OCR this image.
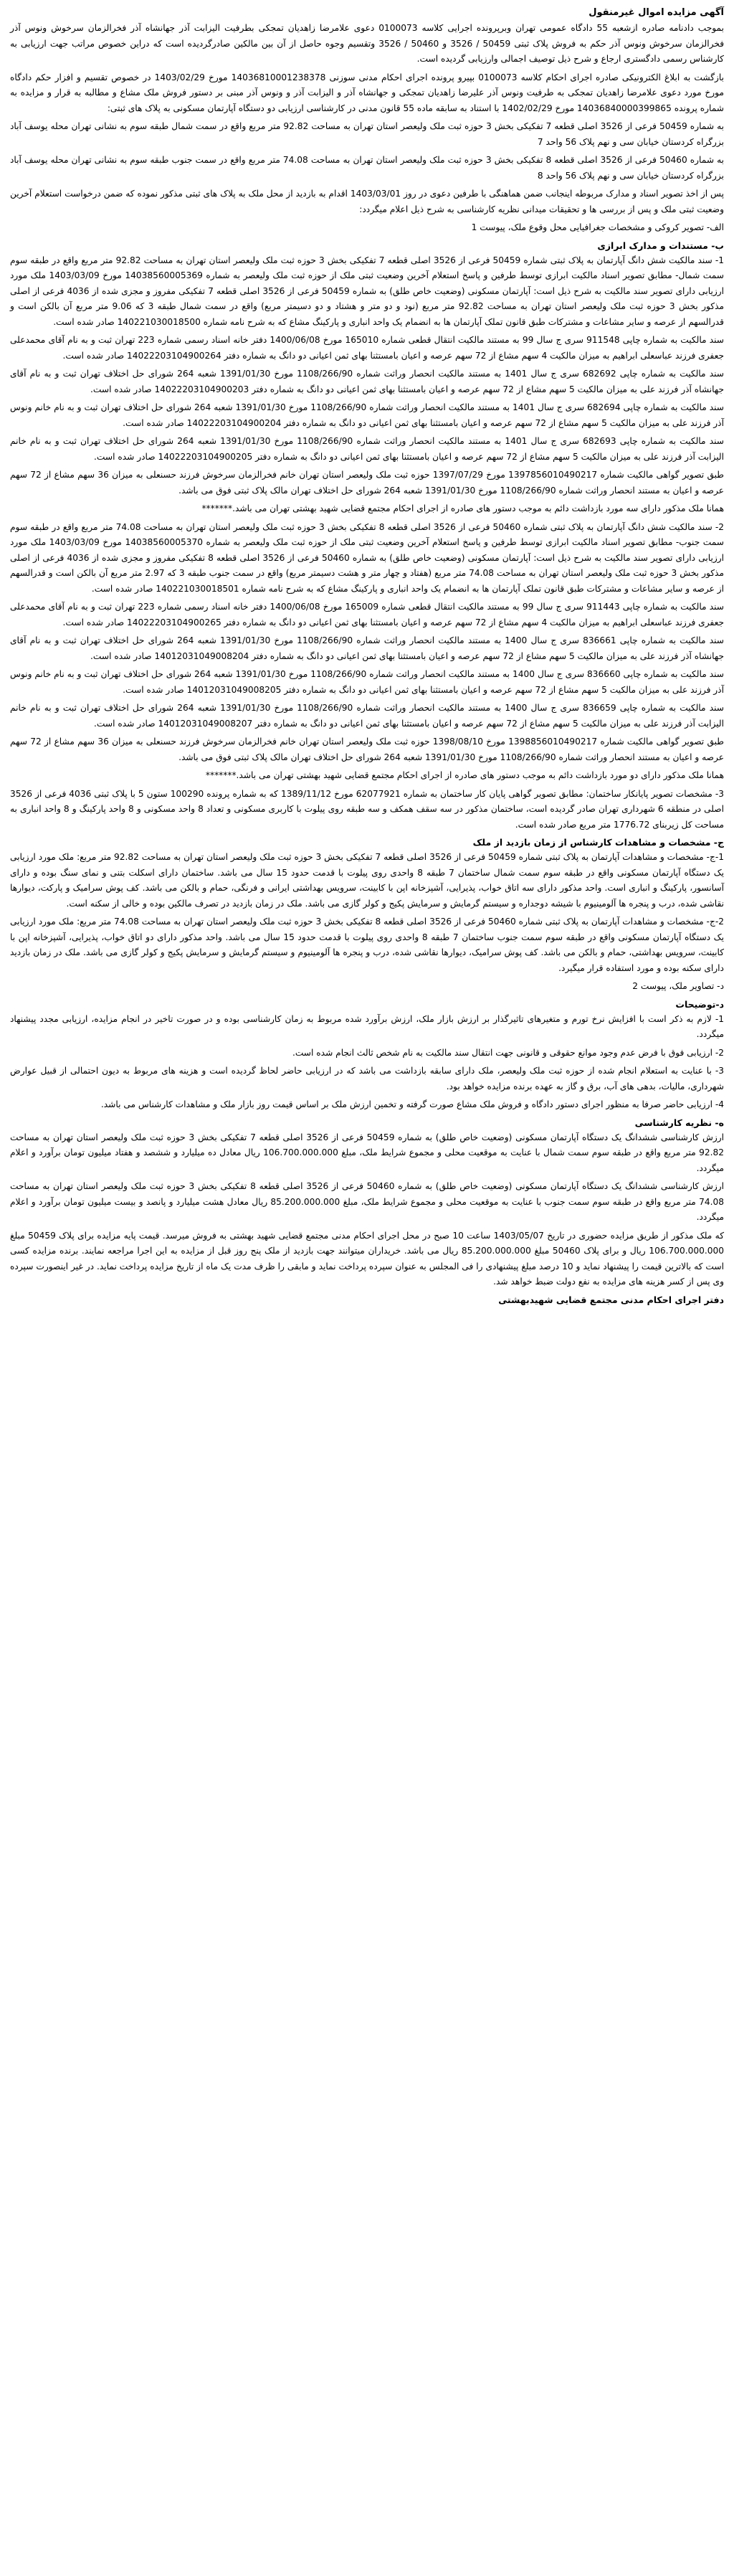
آگهی مزایده اموال غیرمنقول

بموجب دادنامه صادره ازشعبه 55 دادگاه عمومی تهران وبرپرونده اجرایی کلاسه 0100073 دعوی علامرضا زاهدیان تمجکی بطرفیت الیزابت آذر جهانشاه آذر فخرالزمان سرخوش ونوس آذر فخرالزمان سرخوش ونوس آذر حکم به فروش پلاک ثبتی 50459 / 3526 و 50460 / 3526 وتقسیم وجوه حاصل از آن بین مالکین صادرگردیده است که دراین خصوص مراتب جهت ارزیابی به کارشناس رسمی دادگستری ارجاع و شرح ذیل توصیف اجمالی وارزیابی گردیده است.

بازگشت به ابلاغ الکترونیکی صادره اجرای احکام کلاسه 0100073 بپیرو پرونده اجرای احکام مدنی سوزنی 14036810001238378 مورخ 1403/02/29 در خصوص تقسیم و افزار حکم دادگاه مورخ مورد دعوی علامرضا زاهدیان تمجکی به طرفیت ونوس آذر علیرضا زاهدیان تمجکی و جهانشاه آذر و الیزابت آذر و ونوس آذر مبنی بر دستور فروش ملک مشاع و مطالبه به قرار و مزایده به شماره پرونده 14036840000399865 مورخ 1402/02/29 با استناد به سابقه ماده 55 قانون مدنی در کارشناسی ارزیابی دو دستگاه آپارتمان مسکونی به پلاک های ثبتی:

به شماره 50459 فرعی از 3526 اصلی قطعه 7 تفکیکی بخش 3 حوزه ثبت ملک ولیعصر استان تهران به مساحت 92.82 متر مربع واقع در سمت شمال طبقه سوم به نشانی تهران محله یوسف آباد بزرگراه کردستان خیابان سی و نهم پلاک 56 واحد 7

به شماره 50460 فرعی از 3526 اصلی قطعه 8 تفکیکی بخش 3 حوزه ثبت ملک ولیعصر استان تهران به مساحت 74.08 متر مربع واقع در سمت جنوب طبقه سوم به نشانی تهران محله یوسف آباد بزرگراه کردستان خیابان سی و نهم پلاک 56 واحد 8

پس از اخذ تصویر اسناد و مدارک مربوطه اینجانب ضمن هماهنگی با طرفین دعوی در روز 1403/03/01 اقدام به بازدید از محل ملک به پلاک های ثبتی مذکور نموده که ضمن درخواست استعلام آخرین وضعیت ثبتی ملک و پس از بررسی ها و تحقیقات میدانی نظریه کارشناسی به شرح ذیل اعلام میگردد:

الف- تصویر کروکی و مشخصات جغرافیایی محل وقوع ملک، پیوست 1

ب- مستندات و مدارک ابرازی

1- سند مالکیت شش دانگ آپارتمان به پلاک ثبتی شماره 50459 فرعی از 3526 اصلی قطعه 7 تفکیکی بخش 3 حوزه ثبت ملک ولیعصر استان تهران به مساحت 92.82 متر مربع واقع در طبقه سوم سمت شمال- مطابق تصویر اسناد مالکیت ابرازی توسط طرفین و پاسخ استعلام آخرین وضعیت ثبتی ملک از حوزه ثبت ملک ولیعصر به شماره 14038560005369 مورخ 1403/03/09 ملک مورد ارزیابی دارای تصویر سند مالکیت به شرح ذیل است: آپارتمان مسکونی (وضعیت خاص طلق) به شماره 50459 فرعی از 3526 اصلی قطعه 7 تفکیکی مفروز و مجزی شده از 4036 فرعی از اصلی مذکور بخش 3 حوزه ثبت ملک ولیعصر استان تهران به مساحت 92.82 متر مربع (نود و دو متر و هشتاد و دو دسیمتر مربع) واقع در سمت شمال طبقه 3 که 9.06 متر مربع آن بالکن است و قدرالسهم از عرصه و سایر مشاعات و مشترکات طبق قانون تملک آپارتمان ها به انضمام یک واحد انباری و پارکینگ مشاع که به شرح نامه شماره 140221030018500 صادر شده است.

سند مالکیت به شماره چاپی 911548 سری ج سال 99 به مستند مالکیت انتقال قطعی شماره 165010 مورخ 1400/06/08 دفتر خانه اسناد رسمی شماره 223 تهران ثبت و به نام آقای محمدعلی جعفری فرزند عباسعلی ابراهیم به میزان مالکیت 4 سهم مشاع از 72 سهم عرصه و اعیان بامستثنا بهای ثمن اعیانی دو دانگ به شماره دفتر 14022203104900264 صادر شده است.

سند مالکیت به شماره چاپی 682692 سری ج سال 1401 به مستند مالکیت انحصار وراثت شماره 1108/266/90 مورخ 1391/01/30 شعبه 264 شورای حل اختلاف تهران ثبت و به نام آقای جهانشاه آذر فرزند علی به میزان مالکیت 5 سهم مشاع از 72 سهم عرصه و اعیان بامستثنا بهای ثمن اعیانی دو دانگ به شماره دفتر 14022203104900203 صادر شده است.

سند مالکیت به شماره چاپی 682694 سری ج سال 1401 به مستند مالکیت انحصار وراثت شماره 1108/266/90 مورخ 1391/01/30 شعبه 264 شورای حل اختلاف تهران ثبت و به نام خانم ونوس آذر فرزند علی به میزان مالکیت 5 سهم مشاع از 72 سهم عرصه و اعیان بامستثنا بهای ثمن اعیانی دو دانگ به شماره دفتر 14022203104900204 صادر شده است.

سند مالکیت به شماره چاپی 682693 سری ج سال 1401 به مستند مالکیت انحصار وراثت شماره 1108/266/90 مورخ 1391/01/30 شعبه 264 شورای حل اختلاف تهران ثبت و به نام خانم الیزابت آذر فرزند علی به میزان مالکیت 5 سهم مشاع از 72 سهم عرصه و اعیان بامستثنا بهای ثمن اعیانی دو دانگ به شماره دفتر 14022203104900205 صادر شده است.

طبق تصویر گواهی مالکیت شماره 1397856010490217 مورخ 1397/07/29 حوزه ثبت ملک ولیعصر استان تهران خانم فخرالزمان سرخوش فرزند حسنعلی به میزان 36 سهم مشاع از 72 سهم عرصه و اعیان به مستند انحصار وراثت شماره 1108/266/90 مورخ 1391/01/30 شعبه 264 شورای حل اختلاف تهران مالک پلاک ثبتی فوق می باشد.

همانا ملک مذکور دارای سه مورد بازداشت دائم به موجب دستور های صادره از اجرای احکام مجتمع قضایی شهید بهشتی تهران می باشد.*******

2- سند مالکیت شش دانگ آپارتمان به پلاک ثبتی شماره 50460 فرعی از 3526 اصلی قطعه 8 تفکیکی بخش 3 حوزه ثبت ملک ولیعصر استان تهران به مساحت 74.08 متر مربع واقع در طبقه سوم سمت جنوب- مطابق تصویر اسناد مالکیت ابرازی توسط طرفین و پاسخ استعلام آخرین وضعیت ثبتی ملک از حوزه ثبت ملک ولیعصر به شماره 14038560005370 مورخ 1403/03/09 ملک مورد ارزیابی دارای تصویر سند مالکیت به شرح ذیل است: آپارتمان مسکونی (وضعیت خاص طلق) به شماره 50460 فرعی از 3526 اصلی قطعه 8 تفکیکی مفروز و مجزی شده از 4036 فرعی از اصلی مذکور بخش 3 حوزه ثبت ملک ولیعصر استان تهران به مساحت 74.08 متر مربع (هفتاد و چهار متر و هشت دسیمتر مربع) واقع در سمت جنوب طبقه 3 که 2.97 متر مربع آن بالکن است و قدرالسهم از عرصه و سایر مشاعات و مشترکات طبق قانون تملک آپارتمان ها به انضمام یک واحد انباری و پارکینگ مشاع که به شرح نامه شماره 140221030018501 صادر شده است.

سند مالکیت به شماره چاپی 911443 سری ج سال 99 به مستند مالکیت انتقال قطعی شماره 165009 مورخ 1400/06/08 دفتر خانه اسناد رسمی شماره 223 تهران ثبت و به نام آقای محمدعلی جعفری فرزند عباسعلی ابراهیم به میزان مالکیت 4 سهم مشاع از 72 سهم عرصه و اعیان بامستثنا بهای ثمن اعیانی دو دانگ به شماره دفتر 14022203104900265 صادر شده است.

سند مالکیت به شماره چاپی 836661 سری ج سال 1400 به مستند مالکیت انحصار وراثت شماره 1108/266/90 مورخ 1391/01/30 شعبه 264 شورای حل اختلاف تهران ثبت و به نام آقای جهانشاه آذر فرزند علی به میزان مالکیت 5 سهم مشاع از 72 سهم عرصه و اعیان بامستثنا بهای ثمن اعیانی دو دانگ به شماره دفتر 14012031049008204 صادر شده است.

سند مالکیت به شماره چاپی 836660 سری ج سال 1400 به مستند مالکیت انحصار وراثت شماره 1108/266/90 مورخ 1391/01/30 شعبه 264 شورای حل اختلاف تهران ثبت و به نام خانم ونوس آذر فرزند علی به میزان مالکیت 5 سهم مشاع از 72 سهم عرصه و اعیان بامستثنا بهای ثمن اعیانی دو دانگ به شماره دفتر 14012031049008205 صادر شده است.

سند مالکیت به شماره چاپی 836659 سری ج سال 1400 به مستند مالکیت انحصار وراثت شماره 1108/266/90 مورخ 1391/01/30 شعبه 264 شورای حل اختلاف تهران ثبت و به نام خانم الیزابت آذر فرزند علی به میزان مالکیت 5 سهم مشاع از 72 سهم عرصه و اعیان بامستثنا بهای ثمن اعیانی دو دانگ به شماره دفتر 14012031049008207 صادر شده است.

طبق تصویر گواهی مالکیت شماره 1398856010490217 مورخ 1398/08/10 حوزه ثبت ملک ولیعصر استان تهران خانم فخرالزمان سرخوش فرزند حسنعلی به میزان 36 سهم مشاع از 72 سهم عرصه و اعیان به مستند انحصار وراثت شماره 1108/266/90 مورخ 1391/01/30 شعبه 264 شورای حل اختلاف تهران مالک پلاک ثبتی فوق می باشد.

همانا ملک مذکور دارای دو مورد بازداشت دائم به موجب دستور های صادره از اجرای احکام مجتمع قضایی شهید بهشتی تهران می باشد.*******

3- مشخصات تصویر پایانکار ساختمان: مطابق تصویر گواهی پایان کار ساختمان به شماره 62077921 مورخ 1389/11/12 که به شماره پرونده 100290 ستون 5 با پلاک ثبتی 4036 فرعی از 3526 اصلی در منطقه 6 شهرداری تهران صادر گردیده است، ساختمان مذکور در سه سقف همکف و سه طبقه روی پیلوت با کاربری مسکونی و تعداد 8 واحد مسکونی و 8 واحد پارکینگ و 8 واحد انباری به مساحت کل زیربنای 1776.72 متر مربع صادر شده است.

ج- مشخصات و مشاهدات کارشناس از زمان بازدید از ملک

1-ج- مشخصات و مشاهدات آپارتمان به پلاک ثبتی شماره 50459 فرعی از 3526 اصلی قطعه 7 تفکیکی بخش 3 حوزه ثبت ملک ولیعصر استان تهران به مساحت 92.82 متر مربع: ملک مورد ارزیابی یک دستگاه آپارتمان مسکونی واقع در طبقه سوم سمت شمال ساختمان 7 طبقه 8 واحدی روی پیلوت با قدمت حدود 15 سال می باشد. ساختمان دارای اسکلت بتنی و نمای سنگ بوده و دارای آسانسور، پارکینگ و انباری است. واحد مذکور دارای سه اتاق خواب، پذیرایی، آشپزخانه اپن با کابینت، سرویس بهداشتی ایرانی و فرنگی، حمام و بالکن می باشد. کف پوش سرامیک و پارکت، دیوارها نقاشی شده، درب و پنجره ها آلومینیوم با شیشه دوجداره و سیستم گرمایش و سرمایش پکیج و کولر گازی می باشد. ملک در زمان بازدید در تصرف مالکین بوده و خالی از سکنه است.

2-ج- مشخصات و مشاهدات آپارتمان به پلاک ثبتی شماره 50460 فرعی از 3526 اصلی قطعه 8 تفکیکی بخش 3 حوزه ثبت ملک ولیعصر استان تهران به مساحت 74.08 متر مربع: ملک مورد ارزیابی یک دستگاه آپارتمان مسکونی واقع در طبقه سوم سمت جنوب ساختمان 7 طبقه 8 واحدی روی پیلوت با قدمت حدود 15 سال می باشد. واحد مذکور دارای دو اتاق خواب، پذیرایی، آشپزخانه اپن با کابینت، سرویس بهداشتی، حمام و بالکن می باشد. کف پوش سرامیک، دیوارها نقاشی شده، درب و پنجره ها آلومینیوم و سیستم گرمایش و سرمایش پکیج و کولر گازی می باشد. ملک در زمان بازدید دارای سکنه بوده و مورد استفاده قرار میگیرد.

د- تصاویر ملک، پیوست 2

د-توضیحات

1- لازم به ذکر است با افزایش نرخ تورم و متغیرهای تاثیرگذار بر ارزش بازار ملک، ارزش برآورد شده مربوط به زمان کارشناسی بوده و در صورت تاخیر در انجام مزایده، ارزیابی مجدد پیشنهاد میگردد.

2- ارزیابی فوق با فرض عدم وجود موانع حقوقی و قانونی جهت انتقال سند مالکیت به نام شخص ثالث انجام شده است.

3- با عنایت به استعلام انجام شده از حوزه ثبت ملک ولیعصر، ملک دارای سابقه بازداشت می باشد که در ارزیابی حاضر لحاظ گردیده است و هزینه های مربوط به دیون احتمالی از قبیل عوارض شهرداری، مالیات، بدهی های آب، برق و گاز به عهده برنده مزایده خواهد بود.

4- ارزیابی حاضر صرفا به منظور اجرای دستور دادگاه و فروش ملک مشاع صورت گرفته و تخمین ارزش ملک بر اساس قیمت روز بازار ملک و مشاهدات کارشناس می باشد.

ه- نظریه کارشناسی

ارزش کارشناسی ششدانگ یک دستگاه آپارتمان مسکونی (وضعیت خاص طلق) به شماره 50459 فرعی از 3526 اصلی قطعه 7 تفکیکی بخش 3 حوزه ثبت ملک ولیعصر استان تهران به مساحت 92.82 متر مربع واقع در طبقه سوم سمت شمال با عنایت به موقعیت محلی و مجموع شرایط ملک، مبلغ 106.700.000.000 ریال معادل ده میلیارد و ششصد و هفتاد میلیون تومان برآورد و اعلام میگردد.

ارزش کارشناسی ششدانگ یک دستگاه آپارتمان مسکونی (وضعیت خاص طلق) به شماره 50460 فرعی از 3526 اصلی قطعه 8 تفکیکی بخش 3 حوزه ثبت ملک ولیعصر استان تهران به مساحت 74.08 متر مربع واقع در طبقه سوم سمت جنوب با عنایت به موقعیت محلی و مجموع شرایط ملک، مبلغ 85.200.000.000 ریال معادل هشت میلیارد و پانصد و بیست میلیون تومان برآورد و اعلام میگردد.

که ملک مذکور از طریق مزایده حضوری در تاریخ 1403/05/07 ساعت 10 صبح در محل اجرای احکام مدنی مجتمع قضایی شهید بهشتی به فروش میرسد. قیمت پایه مزایده برای پلاک 50459 مبلغ 106.700.000.000 ریال و برای پلاک 50460 مبلغ 85.200.000.000 ریال می باشد. خریداران میتوانند جهت بازدید از ملک پنج روز قبل از مزایده به این اجرا مراجعه نمایند. برنده مزایده کسی است که بالاترین قیمت را پیشنهاد نماید و 10 درصد مبلغ پیشنهادی را فی المجلس به عنوان سپرده پرداخت نماید و مابقی را ظرف مدت یک ماه از تاریخ مزایده پرداخت نماید. در غیر اینصورت سپرده وی پس از کسر هزینه های مزایده به نفع دولت ضبط خواهد شد.

دفتر اجرای احکام مدنی مجتمع قضایی شهیدبهشتی
